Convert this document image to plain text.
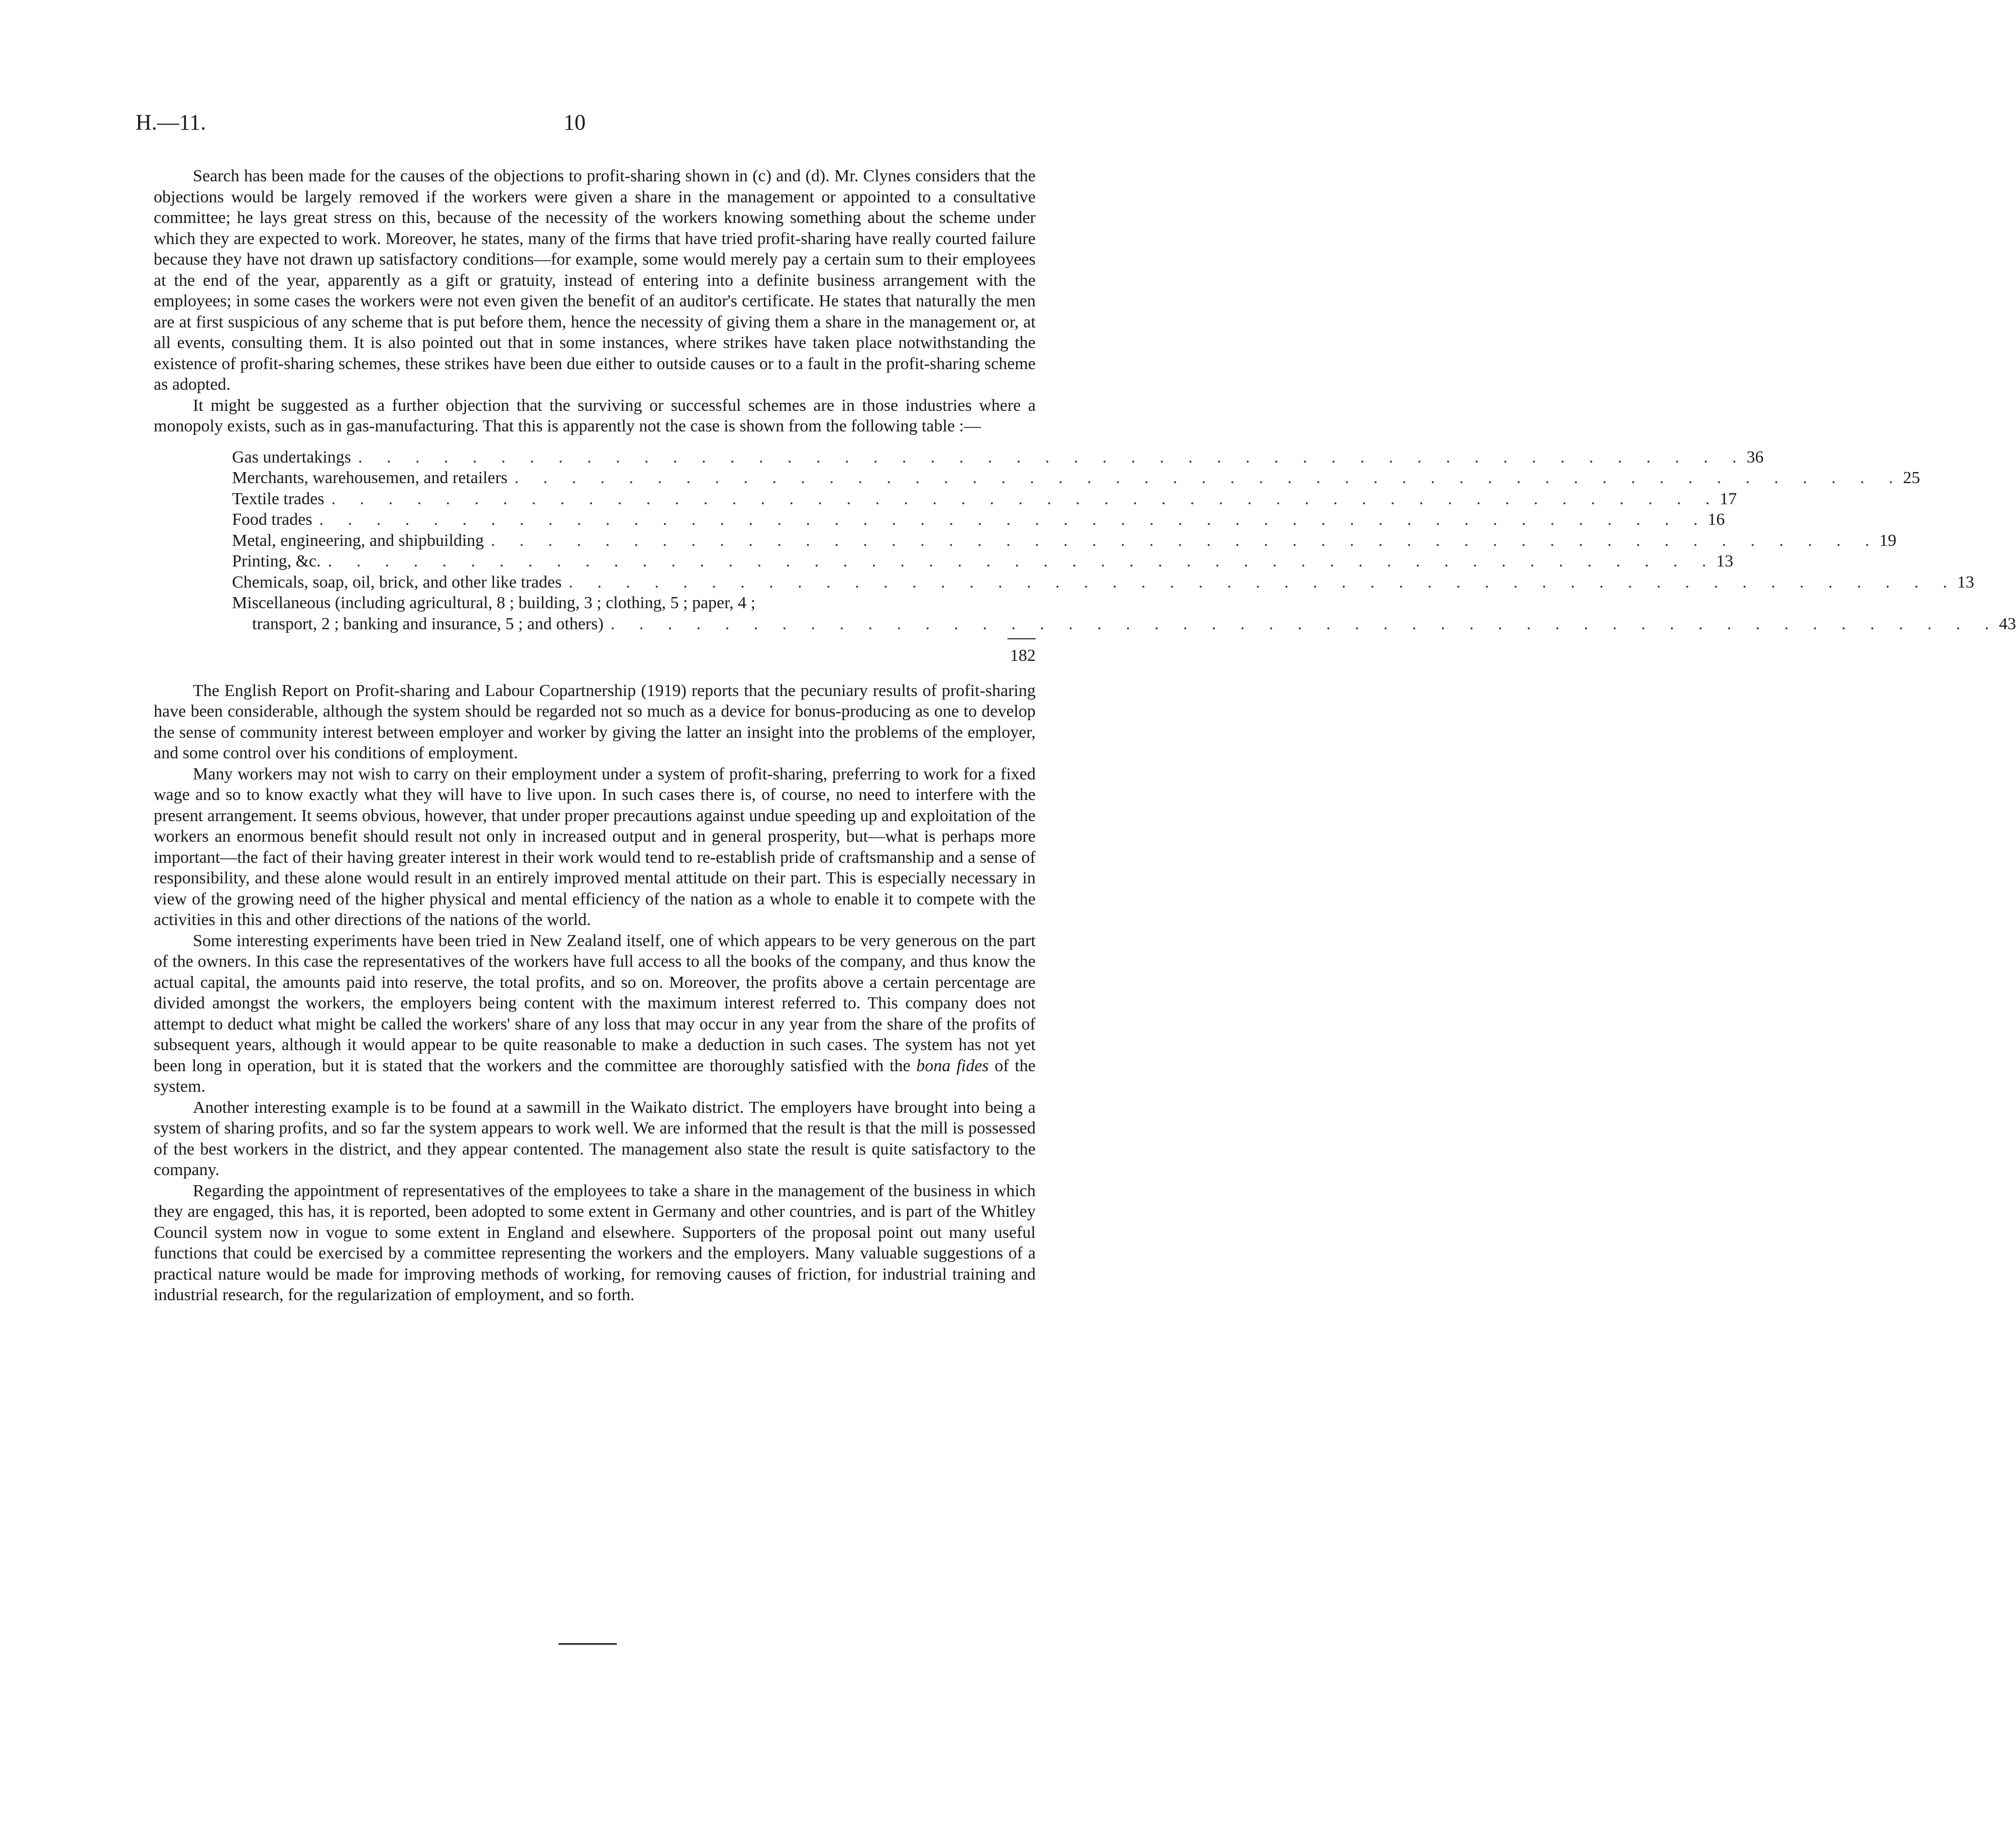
H.—11.	10

Search has been made for the causes of the objections to profit-sharing shown in (c) and (d). Mr. Clynes considers that the objections would be largely removed if the workers were given a share in the management or appointed to a consultative committee; he lays great stress on this, because of the necessity of the workers knowing something about the scheme under which they are expected to work. Moreover, he states, many of the firms that have tried profit-sharing have really courted failure because they have not drawn up satisfactory conditions—for example, some would merely pay a certain sum to their employees at the end of the year, apparently as a gift or gratuity, instead of entering into a definite business arrangement with the employees; in some cases the workers were not even given the benefit of an auditor's certificate. He states that naturally the men are at first suspicious of any scheme that is put before them, hence the necessity of giving them a share in the management or, at all events, consulting them. It is also pointed out that in some instances, where strikes have taken place notwithstanding the existence of profit-sharing schemes, these strikes have been due either to outside causes or to a fault in the profit-sharing scheme as adopted.

It might be suggested as a further objection that the surviving or successful schemes are in those industries where a monopoly exists, such as in gas-manufacturing. That this is apparently not the case is shown from the following table :—

Gas undertakings . . . . . . . . . . . . . . . . . . . . . . . . . . . . . . . . . . . . . . . . . . . . . . . . . 36
Merchants, warehousemen, and retailers . . . . . . . . . . . . . . . . . . . . . . . . . . . . . . . . . . . . . . . . . . . . . . . . . 25
Textile trades . . . . . . . . . . . . . . . . . . . . . . . . . . . . . . . . . . . . . . . . . . . . . . . . . 17
Food trades . . . . . . . . . . . . . . . . . . . . . . . . . . . . . . . . . . . . . . . . . . . . . . . . . 16
Metal, engineering, and shipbuilding . . . . . . . . . . . . . . . . . . . . . . . . . . . . . . . . . . . . . . . . . . . . . . . . . 19
Printing, &c. . . . . . . . . . . . . . . . . . . . . . . . . . . . . . . . . . . . . . . . . . . . . . . . . . 13
Chemicals, soap, oil, brick, and other like trades . . . . . . . . . . . . . . . . . . . . . . . . . . . . . . . . . . . . . . . . . . . . . . . . . 13
Miscellaneous (including agricultural, 8 ; building, 3 ; clothing, 5 ; paper, 4 ;
transport, 2 ; banking and insurance, 5 ; and others) . . . . . . . . . . . . . . . . . . . . . . . . . . . . . . . . . . . . . . . . . . . . . . . . . 43
182

The English Report on Profit-sharing and Labour Copartnership (1919) reports that the pecuniary results of profit-sharing have been considerable, although the system should be regarded not so much as a device for bonus-producing as one to develop the sense of community interest between employer and worker by giving the latter an insight into the problems of the employer, and some control over his conditions of employment.

Many workers may not wish to carry on their employment under a system of profit-sharing, preferring to work for a fixed wage and so to know exactly what they will have to live upon. In such cases there is, of course, no need to interfere with the present arrangement. It seems obvious, however, that under proper precautions against undue speeding up and exploitation of the workers an enormous benefit should result not only in increased output and in general prosperity, but—what is perhaps more important—the fact of their having greater interest in their work would tend to re-establish pride of craftsmanship and a sense of responsibility, and these alone would result in an entirely improved mental attitude on their part. This is especially necessary in view of the growing need of the higher physical and mental efficiency of the nation as a whole to enable it to compete with the activities in this and other directions of the nations of the world.

Some interesting experiments have been tried in New Zealand itself, one of which appears to be very generous on the part of the owners. In this case the representatives of the workers have full access to all the books of the company, and thus know the actual capital, the amounts paid into reserve, the total profits, and so on. Moreover, the profits above a certain percentage are divided amongst the workers, the employers being content with the maximum interest referred to. This company does not attempt to deduct what might be called the workers' share of any loss that may occur in any year from the share of the profits of subsequent years, although it would appear to be quite reasonable to make a deduction in such cases. The system has not yet been long in operation, but it is stated that the workers and the committee are thoroughly satisfied with the bona fides of the system.

Another interesting example is to be found at a sawmill in the Waikato district. The employers have brought into being a system of sharing profits, and so far the system appears to work well. We are informed that the result is that the mill is possessed of the best workers in the district, and they appear contented. The management also state the result is quite satisfactory to the company.

Regarding the appointment of representatives of the employees to take a share in the management of the business in which they are engaged, this has, it is reported, been adopted to some extent in Germany and other countries, and is part of the Whitley Council system now in vogue to some extent in England and elsewhere. Supporters of the proposal point out many useful functions that could be exercised by a committee representing the workers and the employers. Many valuable suggestions of a practical nature would be made for improving methods of working, for removing causes of friction, for industrial training and industrial research, for the regularization of employment, and so forth.
